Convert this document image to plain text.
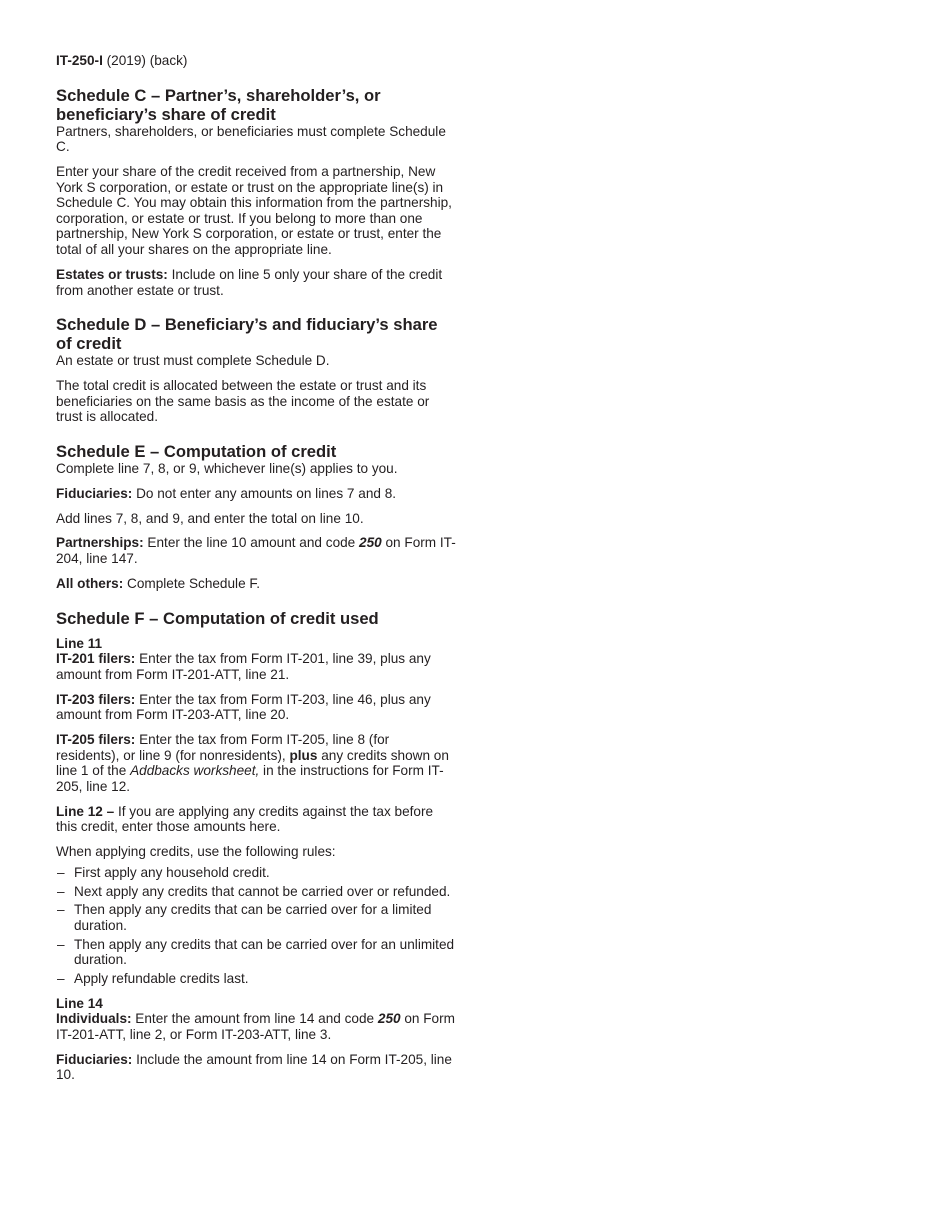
IT-250-I (2019) (back)
Schedule C – Partner’s, shareholder’s, or beneficiary’s share of credit

Partners, shareholders, or beneficiaries must complete Schedule C.

Enter your share of the credit received from a partnership, New York S corporation, or estate or trust on the appropriate line(s) in Schedule C. You may obtain this information from the partnership, corporation, or estate or trust. If you belong to more than one partnership, New York S corporation, or estate or trust, enter the total of all your shares on the appropriate line.

Estates or trusts: Include on line 5 only your share of the credit from another estate or trust.

Schedule D – Beneficiary’s and fiduciary’s share of credit

An estate or trust must complete Schedule D.

The total credit is allocated between the estate or trust and its beneficiaries on the same basis as the income of the estate or trust is allocated.

Schedule E – Computation of credit

Complete line 7, 8, or 9, whichever line(s) applies to you.

Fiduciaries: Do not enter any amounts on lines 7 and 8.

Add lines 7, 8, and 9, and enter the total on line 10.

Partnerships: Enter the line 10 amount and code 250 on Form IT-204, line 147.

All others: Complete Schedule F.

Schedule F – Computation of credit used
Line 11

IT-201 filers: Enter the tax from Form IT-201, line 39, plus any amount from Form IT-201-ATT, line 21.

IT-203 filers: Enter the tax from Form IT-203, line 46, plus any amount from Form IT-203-ATT, line 20.

IT-205 filers: Enter the tax from Form IT-205, line 8 (for residents), or line 9 (for nonresidents), plus any credits shown on line 1 of the Addbacks worksheet, in the instructions for Form IT-205, line 12.

Line 12 – If you are applying any credits against the tax before this credit, enter those amounts here.

When applying credits, use the following rules:

– First apply any household credit.
– Next apply any credits that cannot be carried over or refunded.
– Then apply any credits that can be carried over for a limited duration.
– Then apply any credits that can be carried over for an unlimited duration.
– Apply refundable credits last.
Line 14

Individuals: Enter the amount from line 14 and code 250 on Form IT-201-ATT, line 2, or Form IT-203-ATT, line 3.

Fiduciaries: Include the amount from line 14 on Form IT-205, line 10.
